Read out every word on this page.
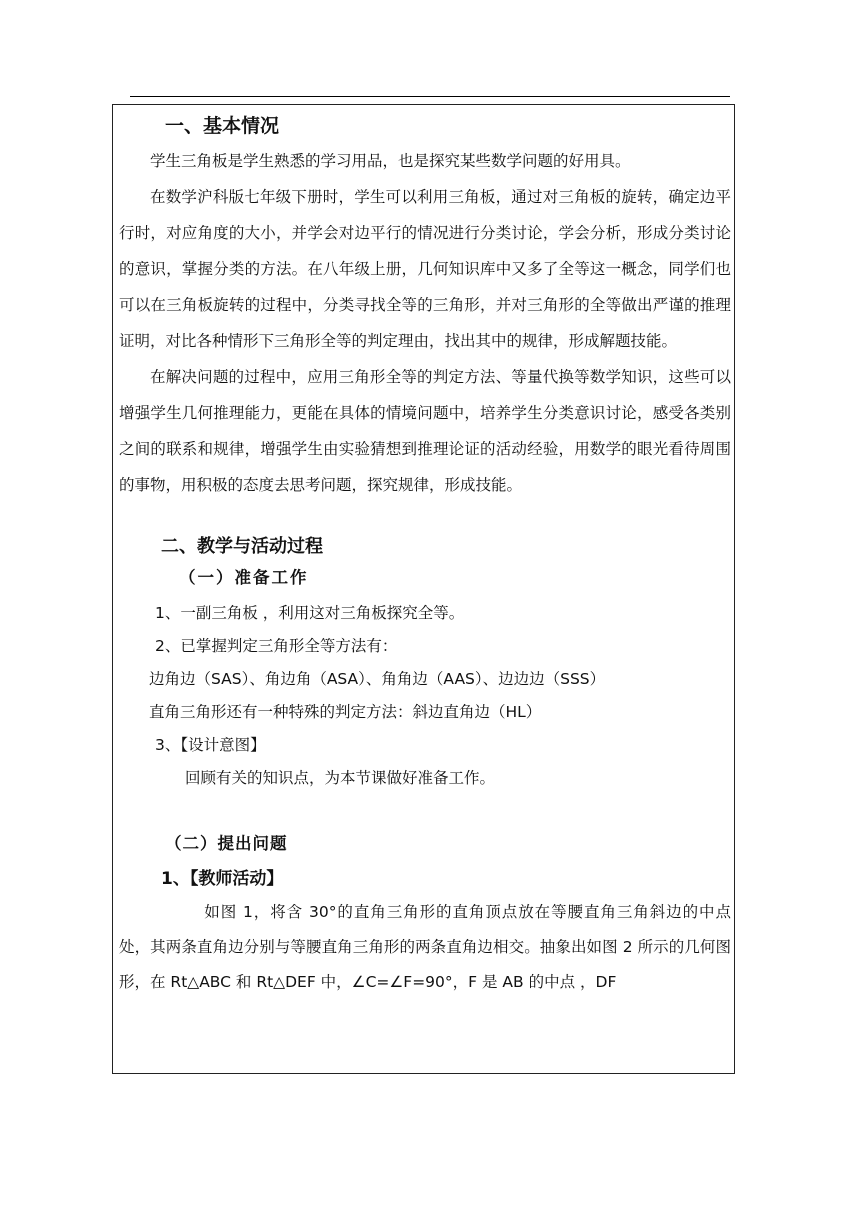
一、基本情况
学生三角板是学生熟悉的学习用品，也是探究某些数学问题的好用具。
在数学沪科版七年级下册时，学生可以利用三角板，通过对三角板的旋转，确定边平行时，对应角度的大小，并学会对边平行的情况进行分类讨论，学会分析，形成分类讨论的意识，掌握分类的方法。在八年级上册，几何知识库中又多了全等这一概念，同学们也可以在三角板旋转的过程中，分类寻找全等的三角形，并对三角形的全等做出严谨的推理证明，对比各种情形下三角形全等的判定理由，找出其中的规律，形成解题技能。
在解决问题的过程中，应用三角形全等的判定方法、等量代换等数学知识，这些可以增强学生几何推理能力，更能在具体的情境问题中，培养学生分类意识讨论，感受各类别之间的联系和规律，增强学生由实验猜想到推理论证的活动经验，用数学的眼光看待周围的事物，用积极的态度去思考问题，探究规律，形成技能。
二、教学与活动过程
（一）准备工作
1、一副三角板 ，利用这对三角板探究全等。
2、已掌握判定三角形全等方法有：
边角边（SAS）、角边角（ASA）、角角边（AAS）、边边边（SSS）
直角三角形还有一种特殊的判定方法：斜边直角边（HL）
3、【设计意图】
回顾有关的知识点，为本节课做好准备工作。
（二）提出问题
1、【教师活动】
如图 1，将含 30°的直角三角形的直角顶点放在等腰直角三角斜边的中点处，其两条直角边分别与等腰直角三角形的两条直角边相交。抽象出如图 2 所示的几何图形，在 Rt△ABC 和 Rt△DEF 中，∠C=∠F=90°，F 是 AB 的中点 ，DF
